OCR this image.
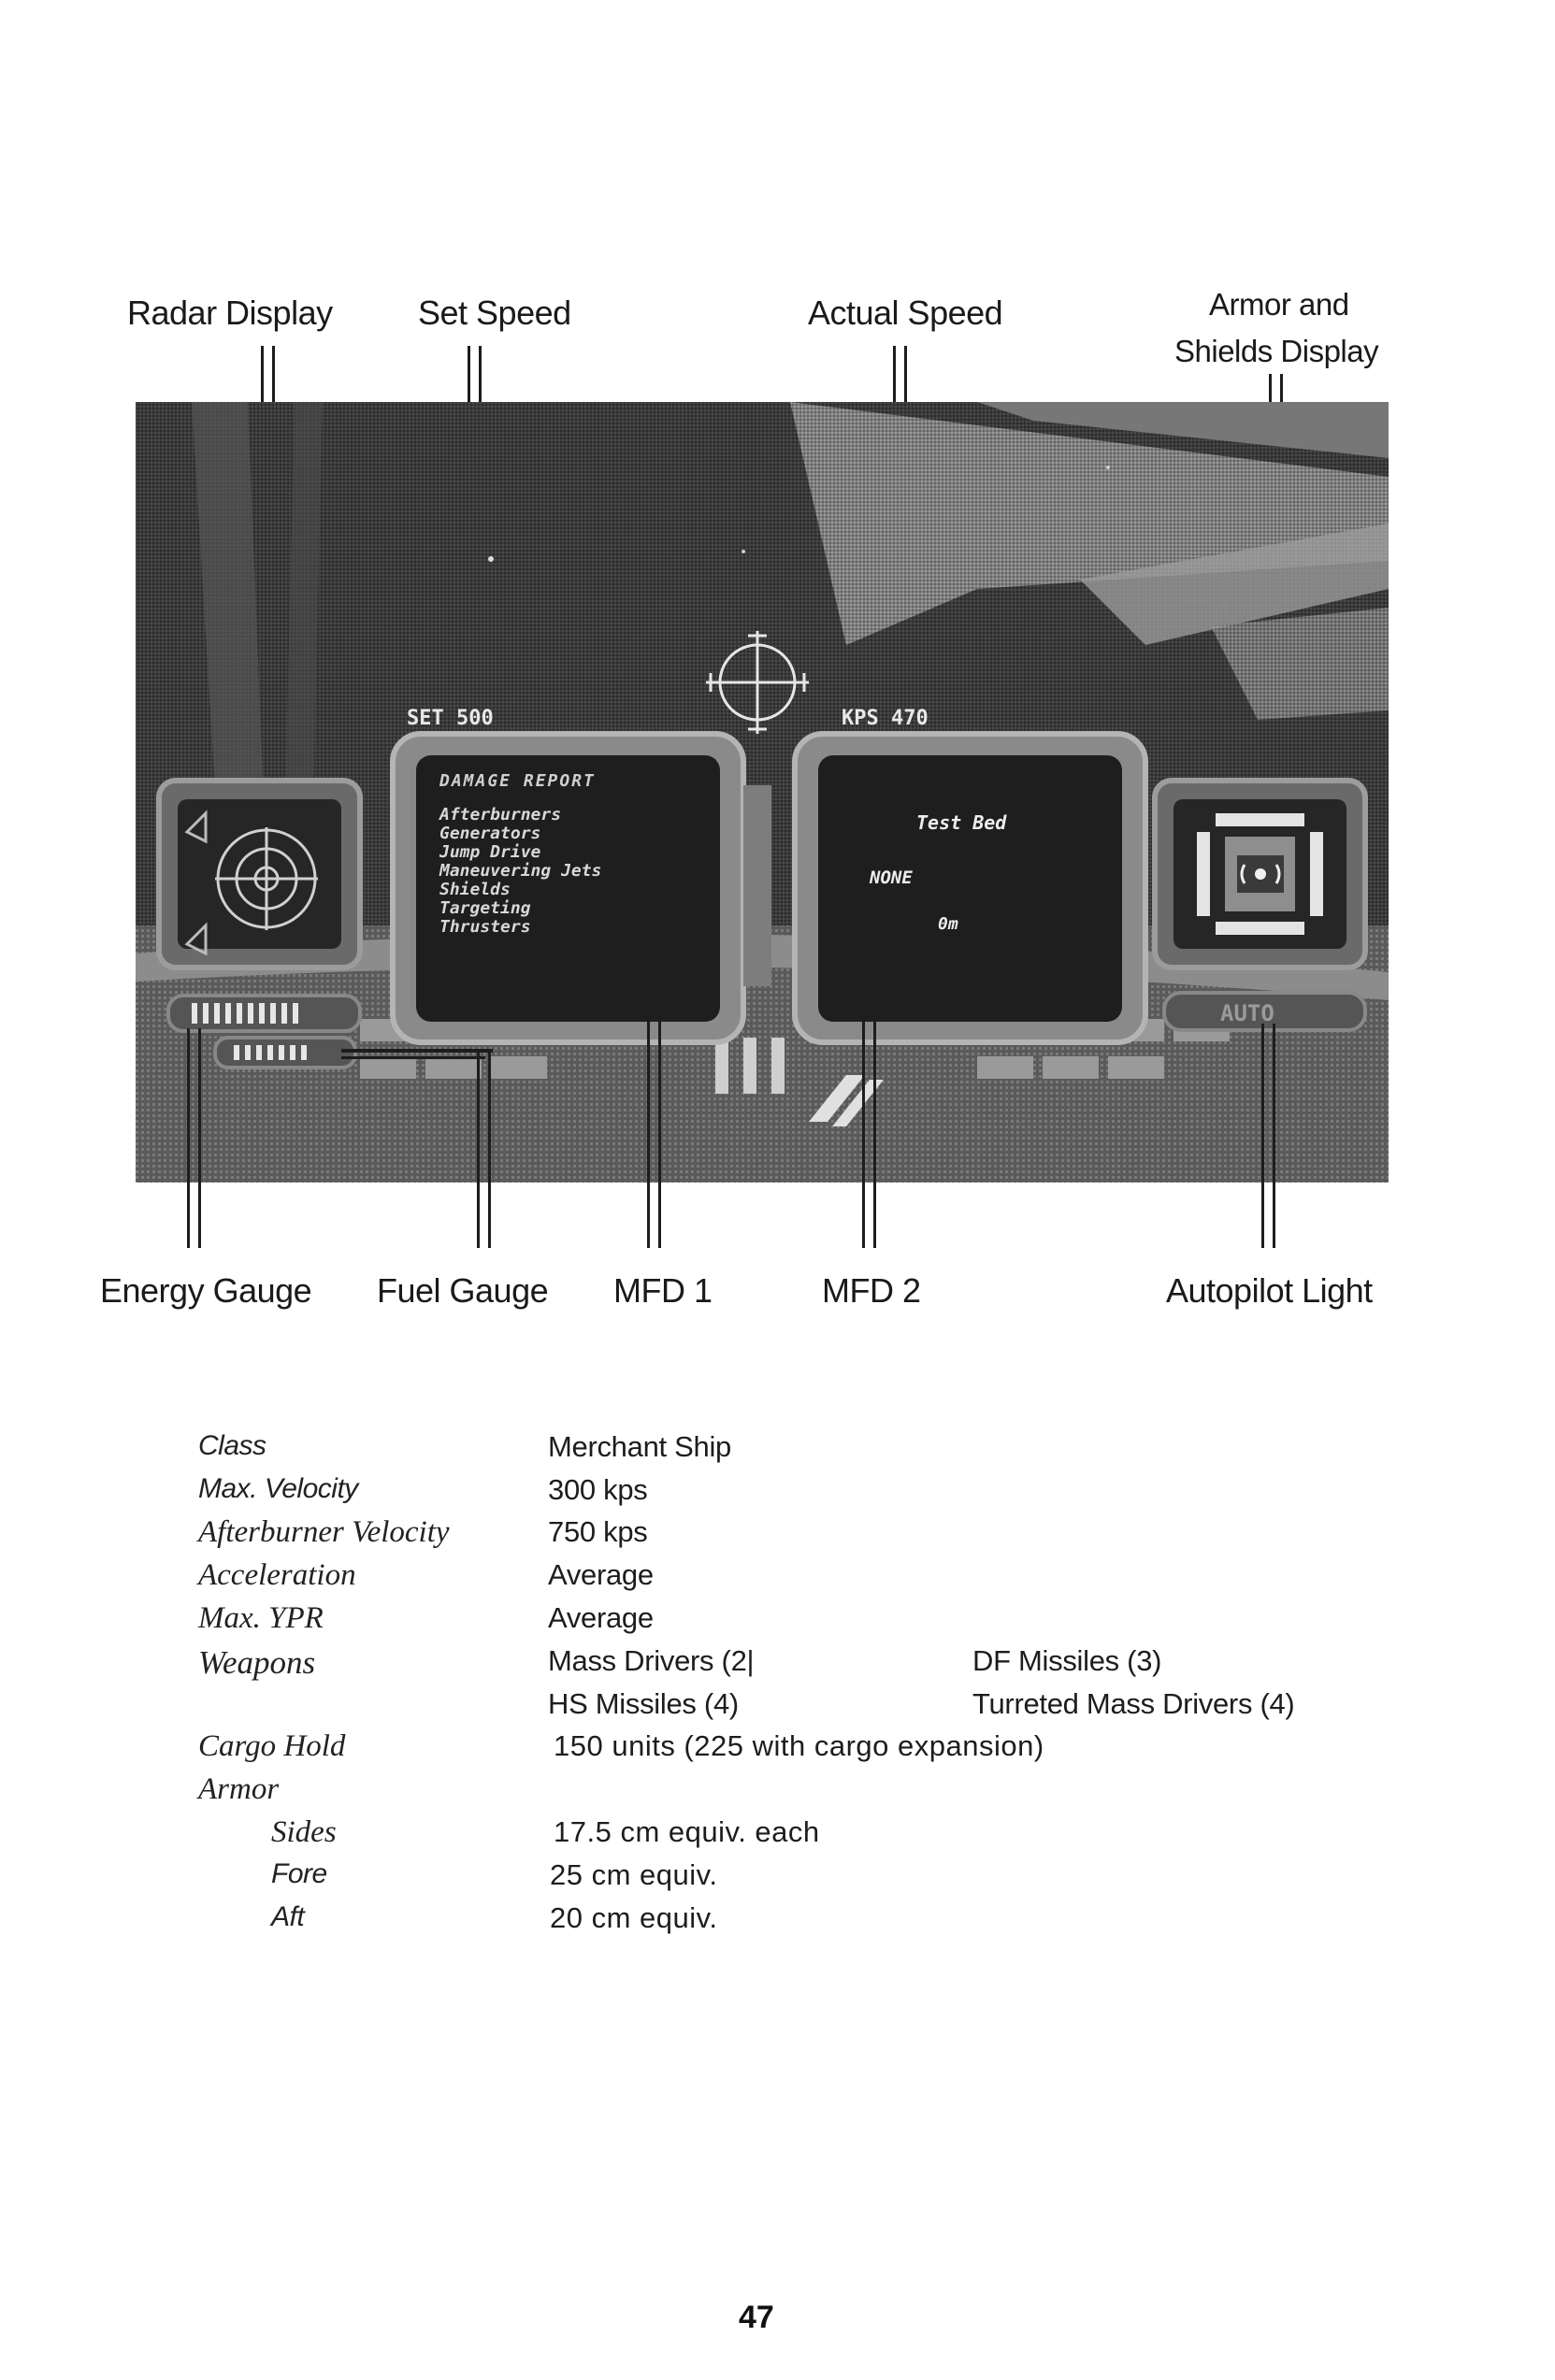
Radar Display	Set Speed	Actual Speed	Armor and
Shields Display
SET 500	KPS 470
AUTO
DAMAGE REPORT
Afterburners
Generators
Jump Drive
Maneuvering Jets
Shields
Targeting
Thrusters
Test Bed
NONE
0m
Energy Gauge Fuel Gauge MFD 1	MFD 2	Autopilot Light
Class	Merchant Ship
Max. Velocity	300 kps
Afterburner Velocity	750 kps
Acceleration	Average
Max. YPR	Average
Weapons	Mass Drivers (2|	DF Missiles (3)
HS Missiles (4)	Turreted Mass Drivers (4)
Cargo Hold	150 units (225 with cargo expansion)
Armor
Sides	17.5 cm equiv. each
Fore	25 cm equiv.
Aft	20 cm equiv.
47
